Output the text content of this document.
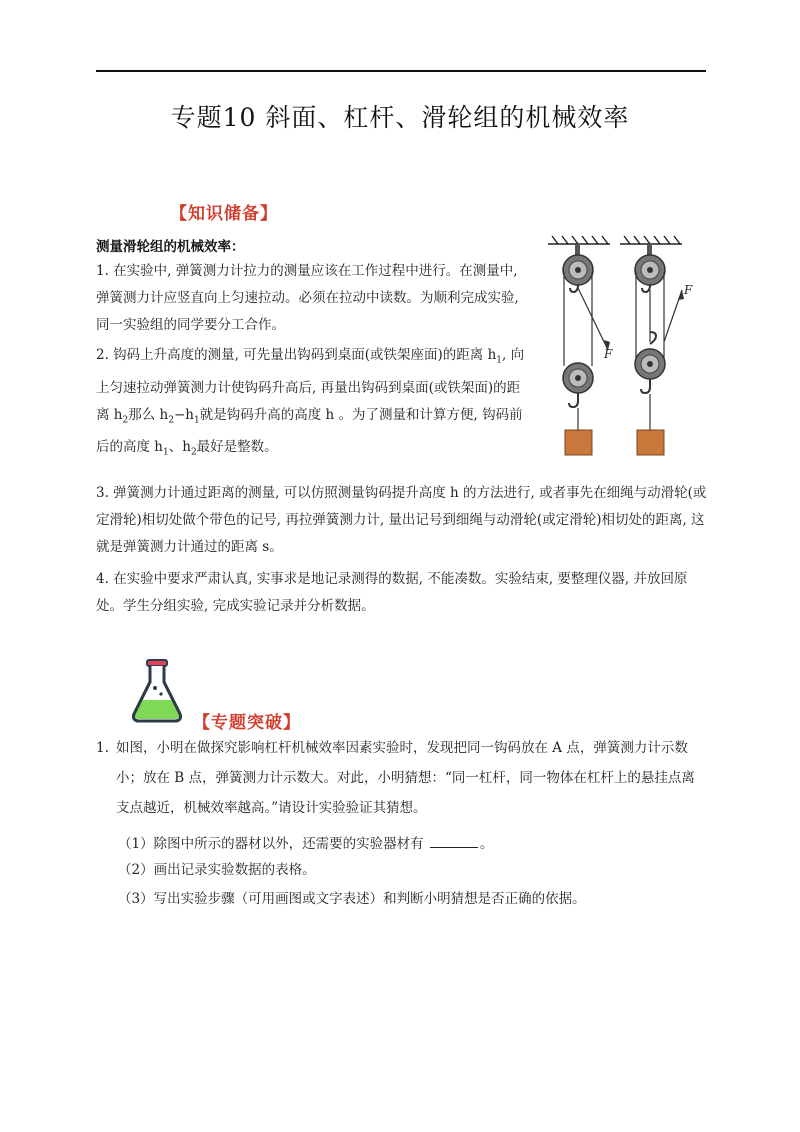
专题10 斜面、杠杆、滑轮组的机械效率
【知识储备】
测量滑轮组的机械效率：
1. 在实验中, 弹簧测力计拉力的测量应该在工作过程中进行。在测量中, 弹簧测力计应竖直向上匀速拉动。必须在拉动中读数。为顺利完成实验, 同一实验组的同学要分工合作。
2. 钩码上升高度的测量, 可先量出钩码到桌面(或铁架座面)的距离 $h_1$, 向上匀速拉动弹簧测力计使钩码升高后, 再量出钩码到桌面(或铁架面)的距离 $h_2$那么 $h_2-h_1$就是钩码升高的高度 h 。为了测量和计算方便, 钩码前后的高度 $h_1$、$h_2$最好是整数。
3. 弹簧测力计通过距离的测量, 可以仿照测量钩码提升高度 h 的方法进行, 或者事先在细绳与动滑轮(或定滑轮)相切处做个带色的记号, 再拉弹簧测力计, 量出记号到细绳与动滑轮(或定滑轮)相切处的距离, 这就是弹簧测力计通过的距离 s。
4. 在实验中要求严肃认真, 实事求是地记录测得的数据, 不能凑数。实验结束, 要整理仪器, 并放回原处。学生分组实验, 完成实验记录并分析数据。
F
F
【专题突破】
1. 如图，小明在做探究影响杠杆机械效率因素实验时，发现把同一钩码放在 A 点，弹簧测力计示数小；放在 B 点，弹簧测力计示数大。对此，小明猜想：“同一杠杆，同一物体在杠杆上的悬挂点离支点越近，机械效率越高。”请设计实验验证其猜想。
（1）除图中所示的器材以外，还需要的实验器材有	。
（2）画出记录实验数据的表格。
（3）写出实验步骤（可用画图或文字表述）和判断小明猜想是否正确的依据。
